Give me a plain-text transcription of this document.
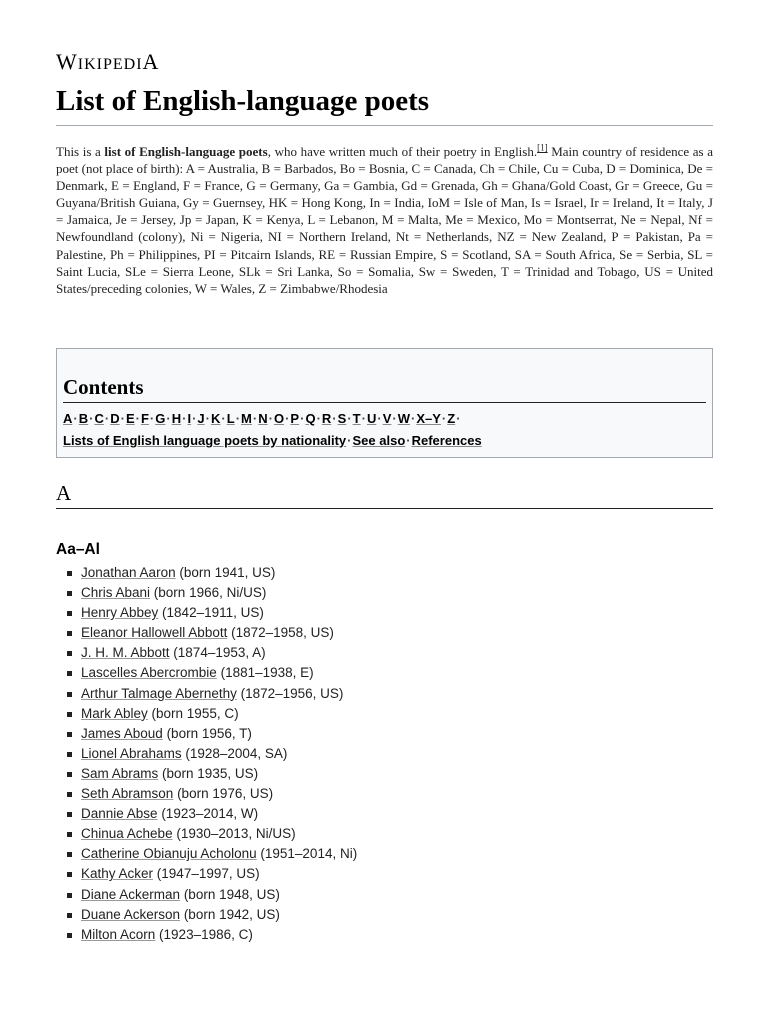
WIKIPEDIA
List of English-language poets

This is a list of English-language poets, who have written much of their poetry in English.[1] Main country of residence as a poet (not place of birth): A = Australia, B = Barbados, Bo = Bosnia, C = Canada, Ch = Chile, Cu = Cuba, D = Dominica, De = Denmark, E = England, F = France, G = Germany, Ga = Gambia, Gd = Grenada, Gh = Ghana/Gold Coast, Gr = Greece, Gu = Guyana/British Guiana, Gy = Guernsey, HK = Hong Kong, In = India, IoM = Isle of Man, Is = Israel, Ir = Ireland, It = Italy, J = Jamaica, Je = Jersey, Jp = Japan, K = Kenya, L = Lebanon, M = Malta, Me = Mexico, Mo = Montserrat, Ne = Nepal, Nf = Newfoundland (colony), Ni = Nigeria, NI = Northern Ireland, Nt = Netherlands, NZ = New Zealand, P = Pakistan, Pa = Palestine, Ph = Philippines, PI = Pitcairn Islands, RE = Russian Empire, S = Scotland, SA = South Africa, Se = Serbia, SL = Saint Lucia, SLe = Sierra Leone, SLk = Sri Lanka, So = Somalia, Sw = Sweden, T = Trinidad and Tobago, US = United States/preceding colonies, W = Wales, Z = Zimbabwe/Rhodesia

Contents
A·B·C·D·E·F·G·H·I·J·K·L·M·N·O·P·Q·R·S·T·U·V·W·X–Y·Z·
Lists of English language poets by nationality·See also·References
A
Aa–Al
Jonathan Aaron (born 1941, US)
Chris Abani (born 1966, Ni/US)
Henry Abbey (1842–1911, US)
Eleanor Hallowell Abbott (1872–1958, US)
J. H. M. Abbott (1874–1953, A)
Lascelles Abercrombie (1881–1938, E)
Arthur Talmage Abernethy (1872–1956, US)
Mark Abley (born 1955, C)
James Aboud (born 1956, T)
Lionel Abrahams (1928–2004, SA)
Sam Abrams (born 1935, US)
Seth Abramson (born 1976, US)
Dannie Abse (1923–2014, W)
Chinua Achebe (1930–2013, Ni/US)
Catherine Obianuju Acholonu (1951–2014, Ni)
Kathy Acker (1947–1997, US)
Diane Ackerman (born 1948, US)
Duane Ackerson (born 1942, US)
Milton Acorn (1923–1986, C)
